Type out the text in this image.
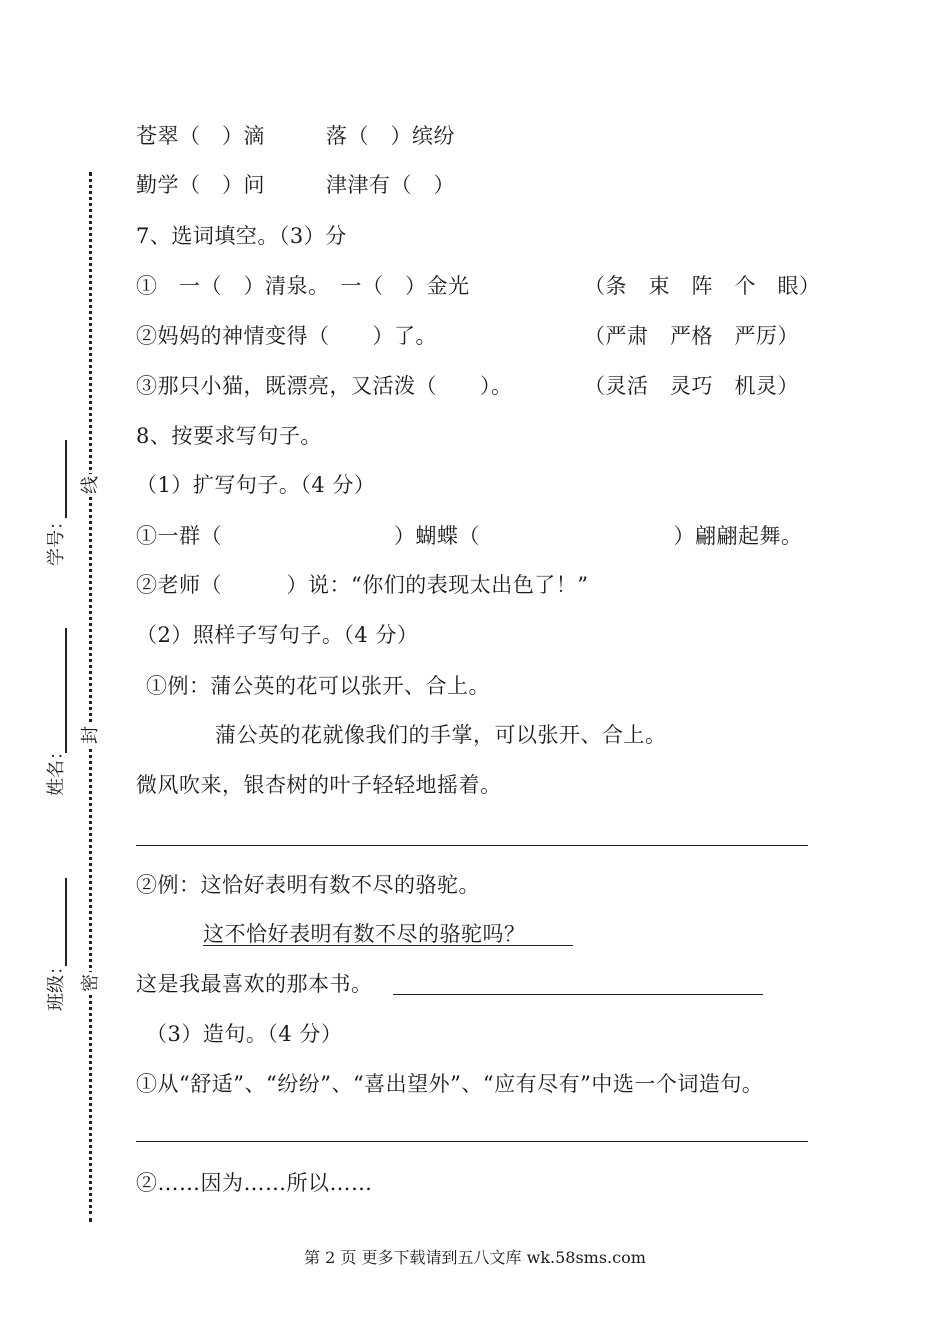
学号：
姓名：
班级：
线
封
密
苍翠（　）滴	落（　）缤纷
勤学（　）问	津津有（　）
7、选词填空。（3）分
①　一（　）清泉。　一（　）金光	（条　束　阵　个　眼）
②妈妈的神情变得（　　）了。	（严肃　严格　严厉）
③那只小猫，既漂亮，又活泼（　　）。	（灵活　灵巧　机灵）
8、按要求写句子。
（1）扩写句子。（4 分）
①一群（　　　　　　　　）蝴蝶（　　　　　　　　　）翩翩起舞。
②老师（　　　）说：“你们的表现太出色了！”
（2）照样子写句子。（4 分）
①例：蒲公英的花可以张开、合上。
蒲公英的花就像我们的手掌，可以张开、合上。
微风吹来，银杏树的叶子轻轻地摇着。
②例：这恰好表明有数不尽的骆驼。
这不恰好表明有数不尽的骆驼吗？
这是我最喜欢的那本书。
（3）造句。（4 分）
①从“舒适”、“纷纷”、“喜出望外”、“应有尽有”中选一个词造句。
②……因为……所以……
第 2 页 更多下载请到五八文库 wk.58sms.com
